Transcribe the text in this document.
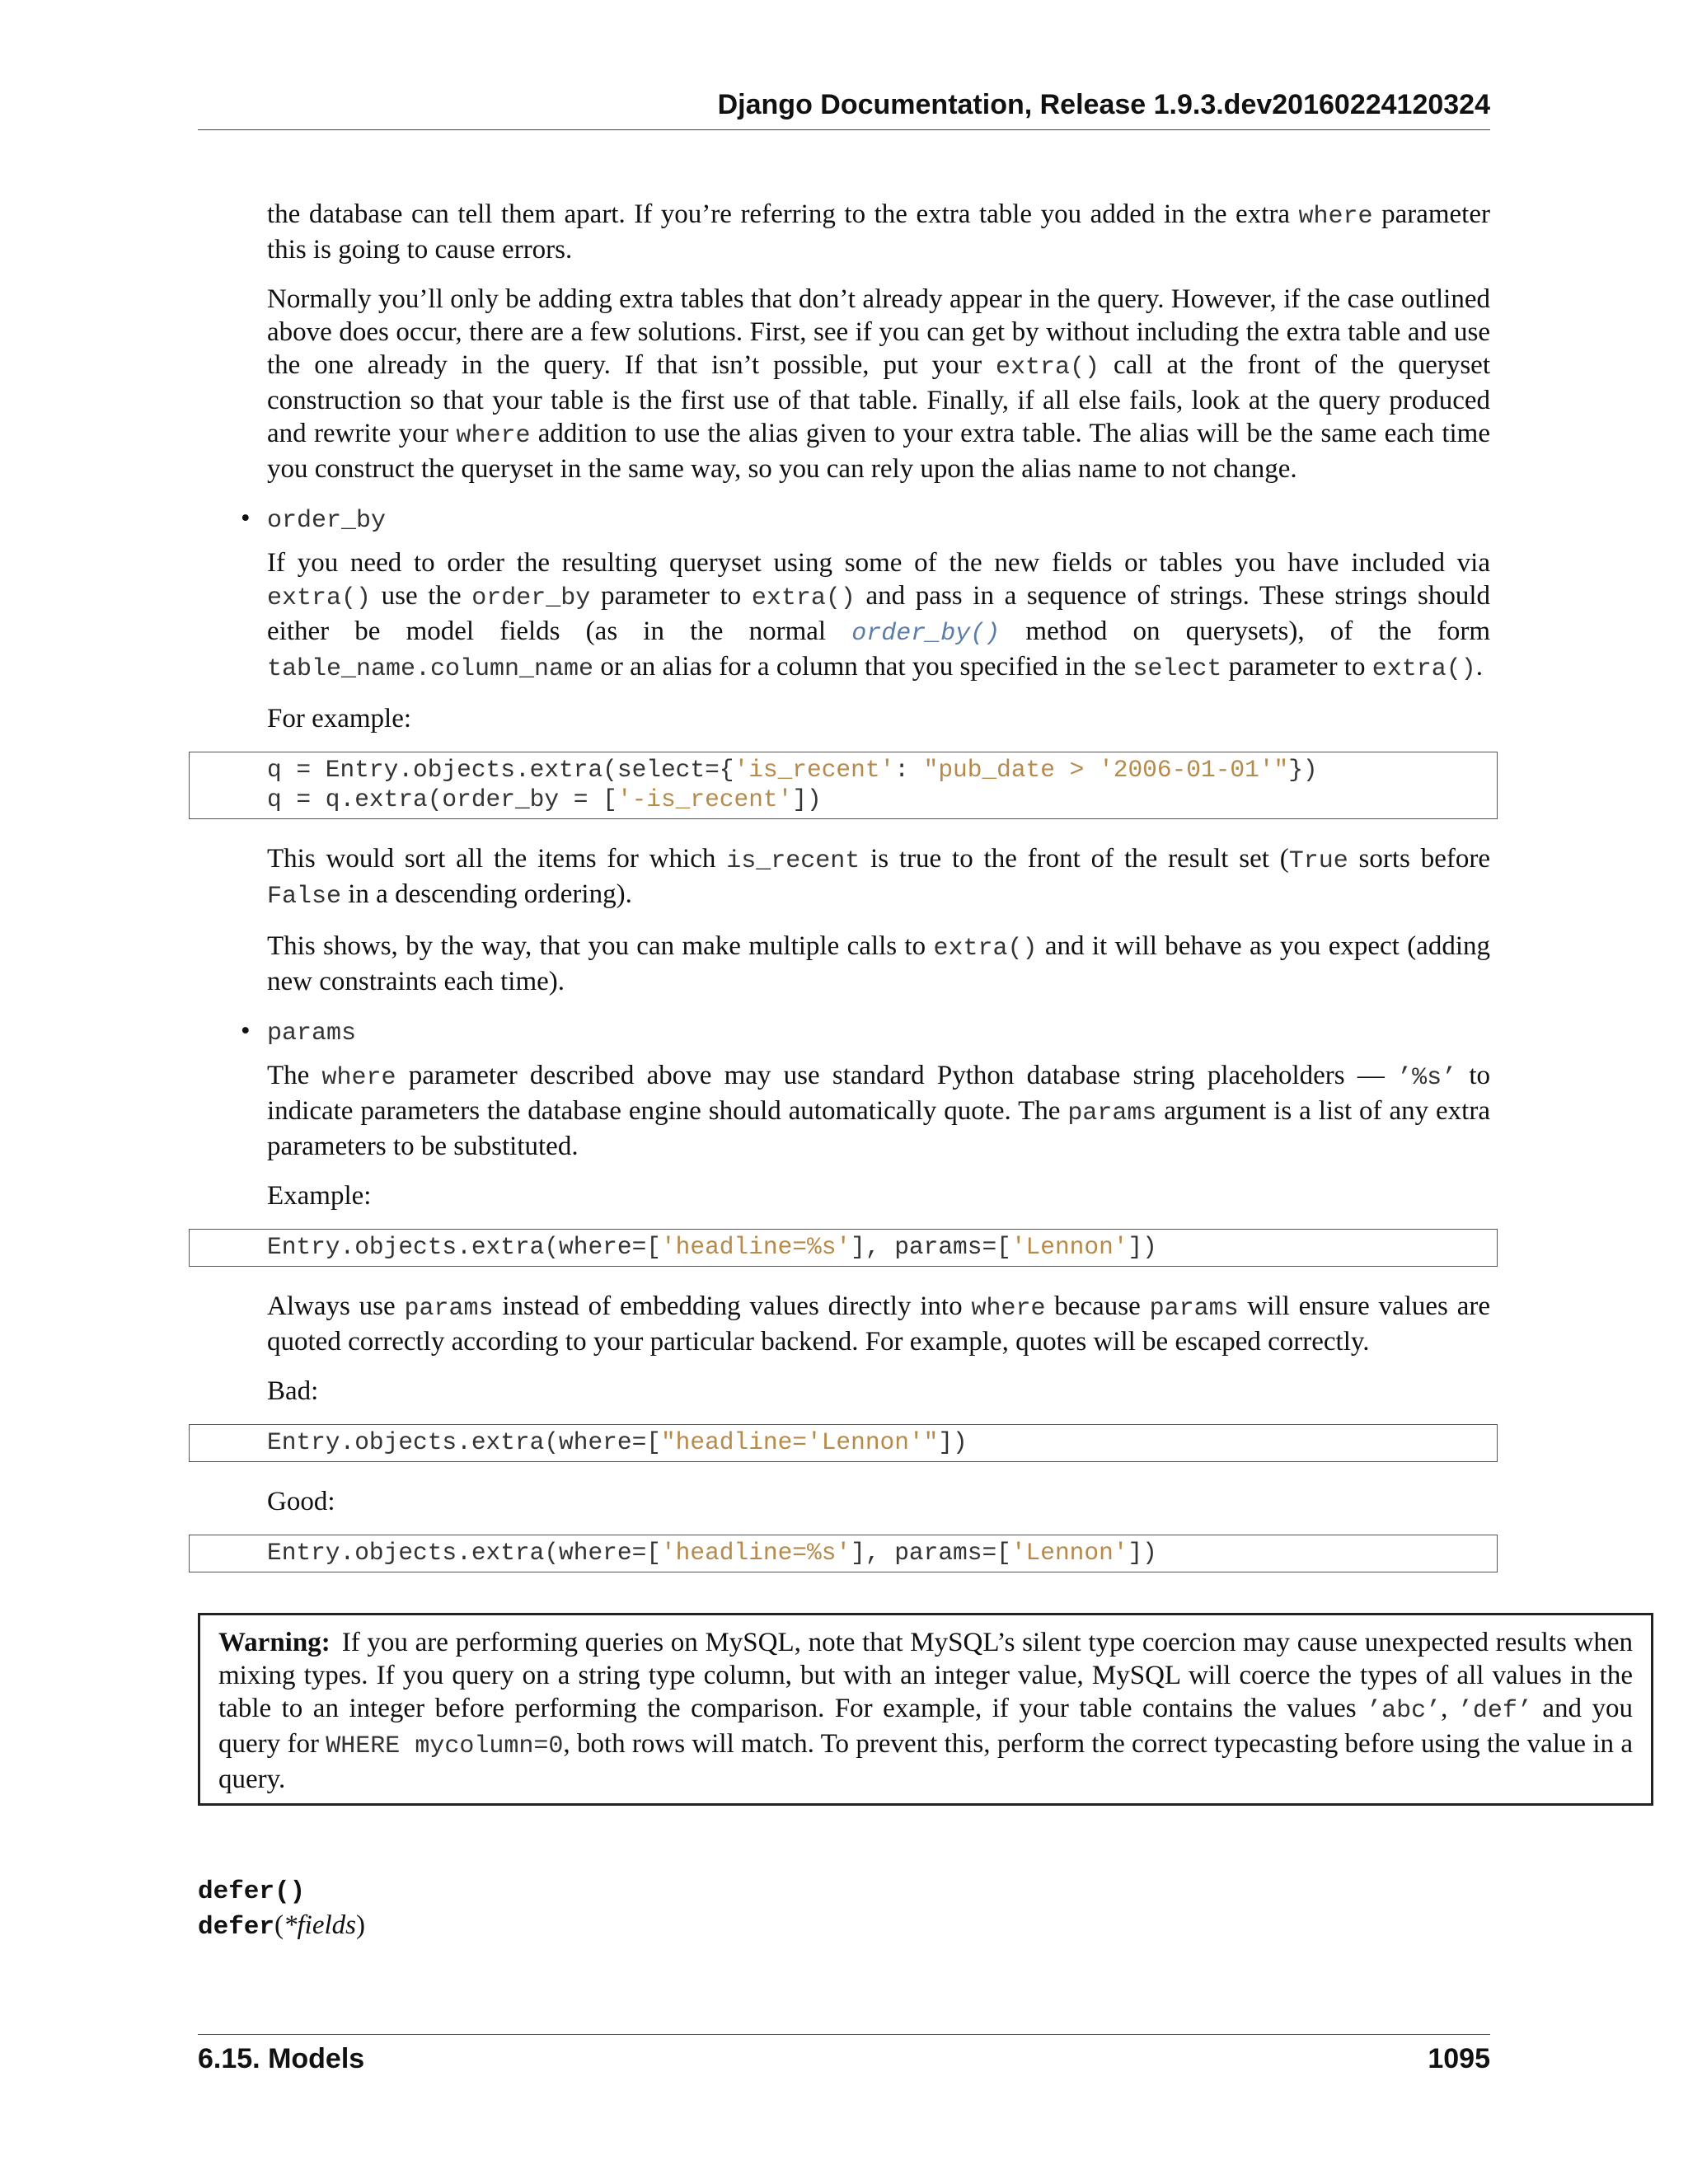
Django Documentation, Release 1.9.3.dev20160224120324

the database can tell them apart. If you’re referring to the extra table you added in the extra where parameter this is going to cause errors.

Normally you’ll only be adding extra tables that don’t already appear in the query. However, if the case outlined above does occur, there are a few solutions. First, see if you can get by without including the extra table and use the one already in the query. If that isn’t possible, put your extra() call at the front of the queryset construction so that your table is the first use of that table. Finally, if all else fails, look at the query produced and rewrite your where addition to use the alias given to your extra table. The alias will be the same each time you construct the queryset in the same way, so you can rely upon the alias name to not change.

• order_by

If you need to order the resulting queryset using some of the new fields or tables you have included via extra() use the order_by parameter to extra() and pass in a sequence of strings. These strings should either be model fields (as in the normal order_by() method on querysets), of the form table_name.column_name or an alias for a column that you specified in the select parameter to extra().

For example:

q = Entry.objects.extra(select={'is_recent': "pub_date > '2006-01-01'"})
q = q.extra(order_by = ['-is_recent'])

This would sort all the items for which is_recent is true to the front of the result set (True sorts before False in a descending ordering).

This shows, by the way, that you can make multiple calls to extra() and it will behave as you expect (adding new constraints each time).

• params

The where parameter described above may use standard Python database string placeholders — ’%s’ to indicate parameters the database engine should automatically quote. The params argument is a list of any extra parameters to be substituted.

Example:

Entry.objects.extra(where=['headline=%s'], params=['Lennon'])

Always use params instead of embedding values directly into where because params will ensure values are quoted correctly according to your particular backend. For example, quotes will be escaped correctly.

Bad:

Entry.objects.extra(where=["headline='Lennon'"])

Good:

Entry.objects.extra(where=['headline=%s'], params=['Lennon'])
Warning: If you are performing queries on MySQL, note that MySQL’s silent type coercion may cause unexpected results when mixing types. If you query on a string type column, but with an integer value, MySQL will coerce the types of all values in the table to an integer before performing the comparison. For example, if your table contains the values ’abc’, ’def’ and you query for WHERE mycolumn=0, both rows will match. To prevent this, perform the correct typecasting before using the value in a query.
defer()
defer(*fields)
6.15. Models	1095
